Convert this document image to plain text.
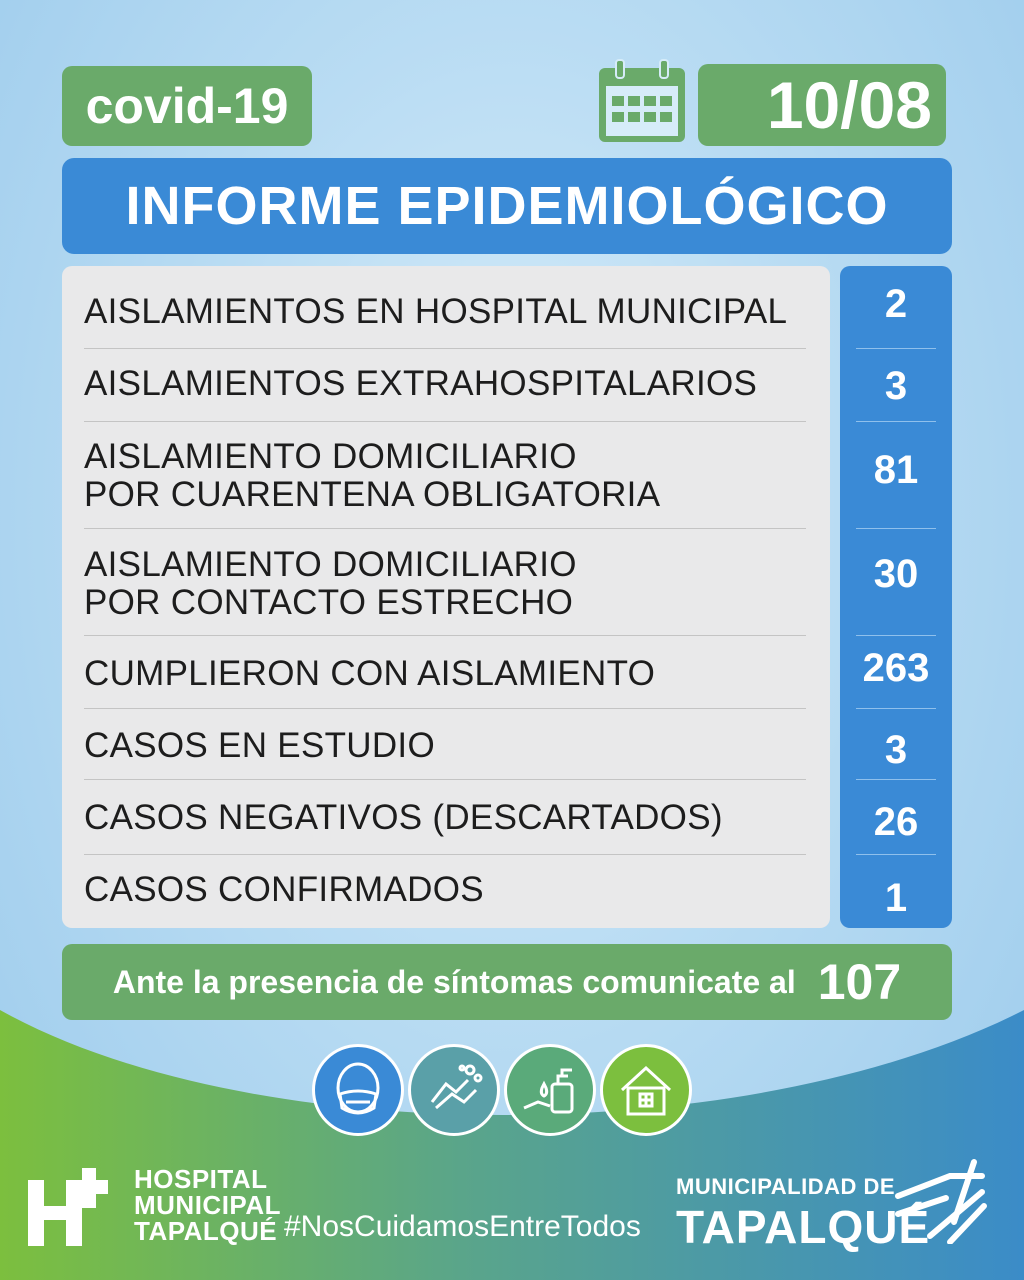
covid-19	10/08
INFORME EPIDEMIOLÓGICO
AISLAMIENTOS EN HOSPITAL MUNICIPAL
AISLAMIENTOS EXTRAHOSPITALARIOS
AISLAMIENTO DOMICILIARIO
POR CUARENTENA OBLIGATORIA
AISLAMIENTO DOMICILIARIO
POR CONTACTO ESTRECHO
CUMPLIERON CON AISLAMIENTO
CASOS EN ESTUDIO
CASOS NEGATIVOS (DESCARTADOS)
CASOS CONFIRMADOS
2
3
81
30
263
3
26
1
Ante la presencia de síntomas comunicate al 107
HOSPITAL
MUNICIPAL
TAPALQUÉ #NosCuidamosEntreTodos
MUNICIPALIDAD DE
TAPALQUÉ
